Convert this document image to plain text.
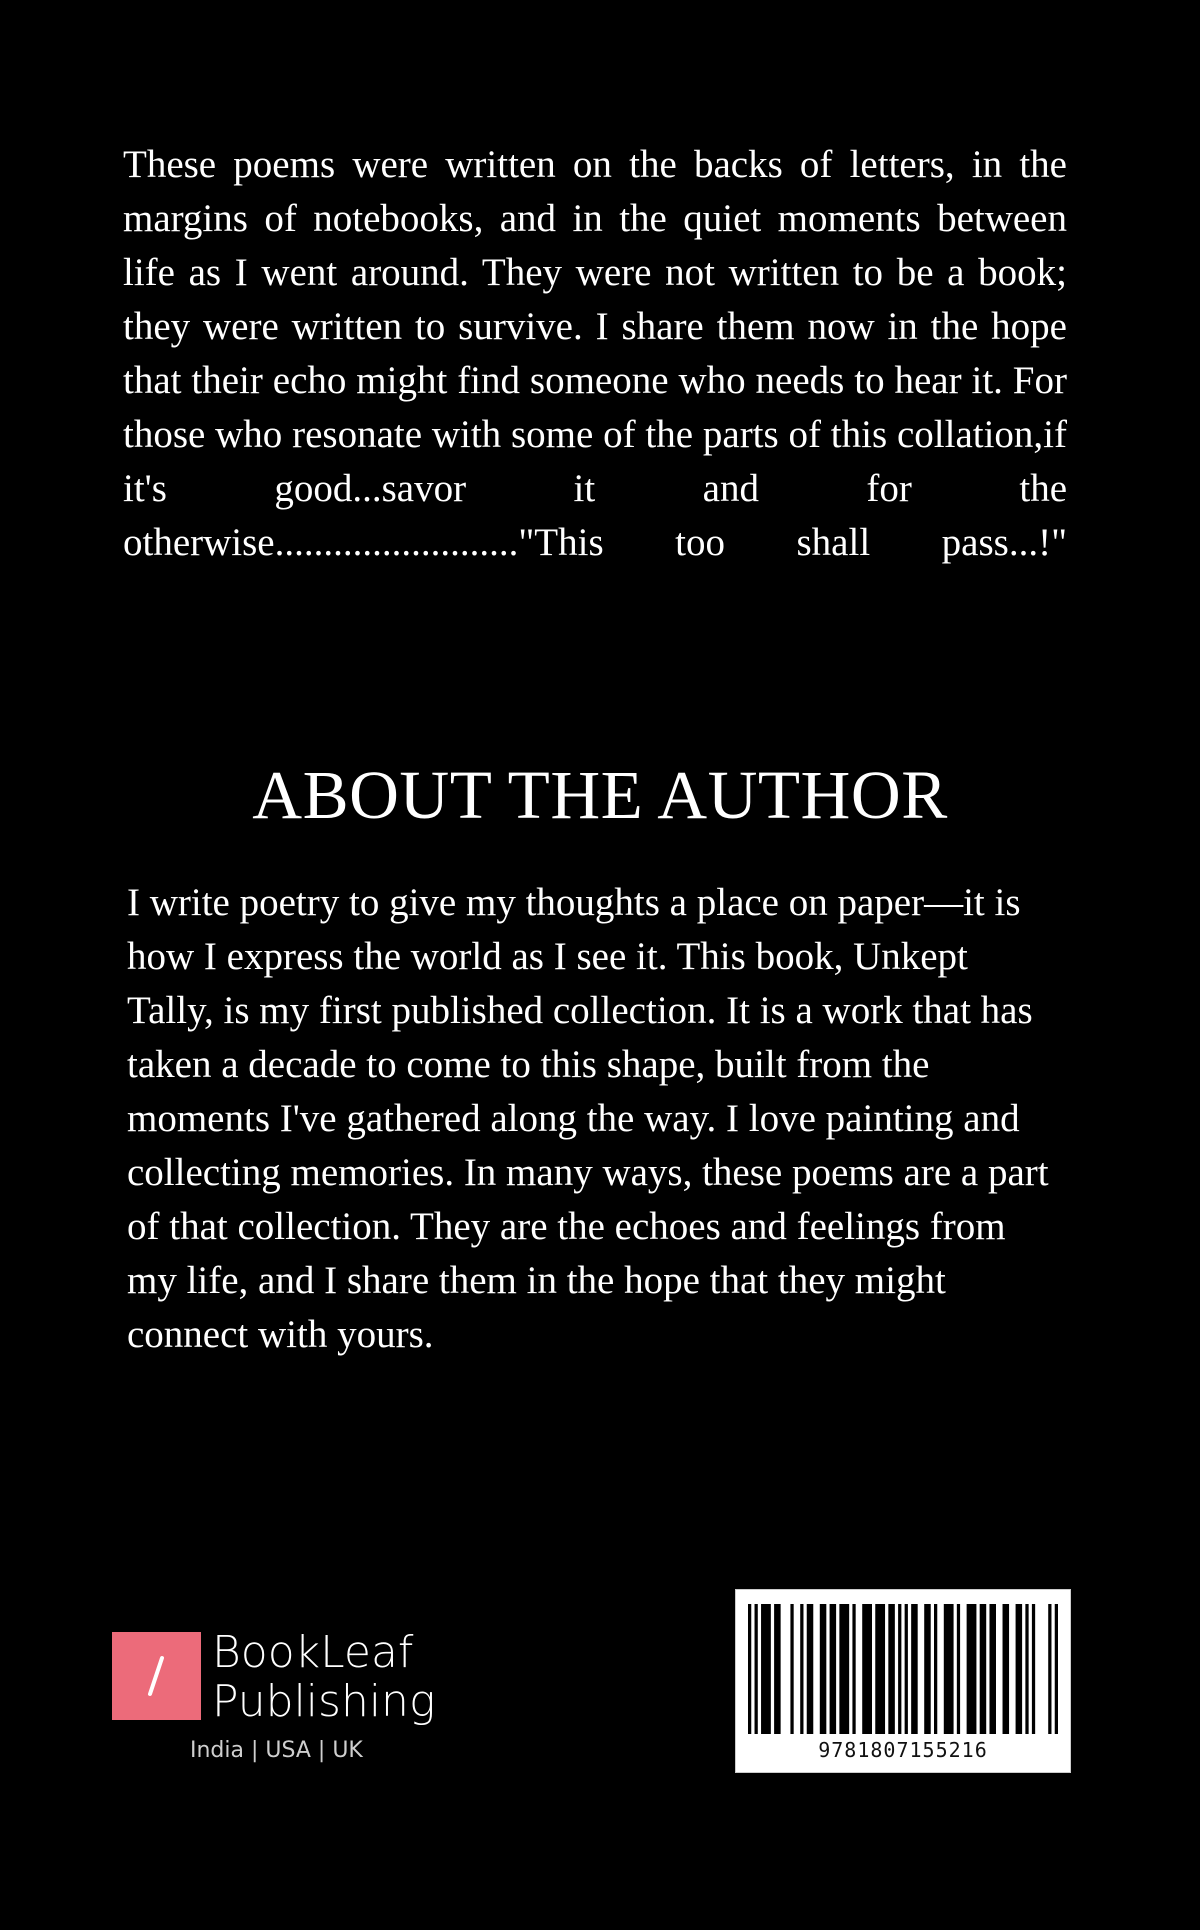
These poems were written on the backs of letters, in the margins of notebooks, and in the quiet moments between life as I went around. They were not written to be a book; they were written to survive. I share them now in the hope that their echo might find someone who needs to hear it. For those who resonate with some of the parts of this collation,if it's good...savor it and for the otherwise........................."This too shall pass...!"

ABOUT THE AUTHOR

I write poetry to give my thoughts a place on paper—it is how I express the world as I see it. This book, Unkept Tally, is my first published collection. It is a work that has taken a decade to come to this shape, built from the moments I've gathered along the way. I love painting and collecting memories. In many ways, these poems are a part of that collection. They are the echoes and feelings from my life, and I share them in the hope that they might connect with yours.

BookLeaf
Publishing
India | USA | UK	9781807155216
